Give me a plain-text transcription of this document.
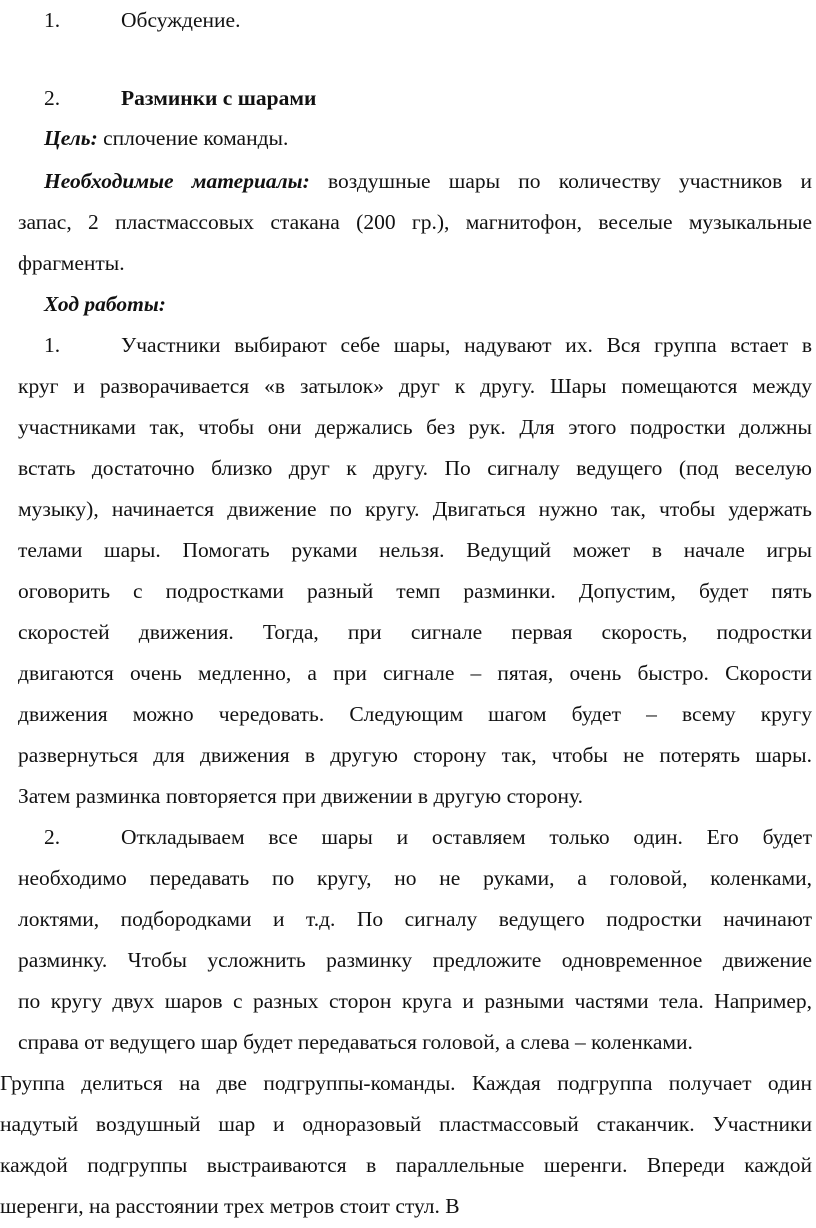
1.	Обсуждение.
2.	Разминки с шарами
Цель: сплочение команды.
Необходимые материалы: воздушные шары по количеству участников и
запас, 2 пластмассовых стакана (200 гр.), магнитофон, веселые музыкальные
фрагменты.
Ход работы:
1.	Участники выбирают себе шары, надувают их. Вся группа встает в
круг и разворачивается «в затылок» друг к другу. Шары помещаются между
участниками так, чтобы они держались без рук. Для этого подростки должны
встать достаточно близко друг к другу. По сигналу ведущего (под веселую
музыку), начинается движение по кругу. Двигаться нужно так, чтобы удержать
телами шары. Помогать руками нельзя. Ведущий может в начале игры
оговорить с подростками разный темп разминки. Допустим, будет пять
скоростей движения. Тогда, при сигнале первая скорость, подростки
двигаются очень медленно, а при сигнале – пятая, очень быстро. Скорости
движения можно чередовать. Следующим шагом будет – всему кругу
развернуться для движения в другую сторону так, чтобы не потерять шары.
Затем разминка повторяется при движении в другую сторону.
2.	Откладываем все шары и оставляем только один. Его будет
необходимо передавать по кругу, но не руками, а головой, коленками,
локтями, подбородками и т.д. По сигналу ведущего подростки начинают
разминку. Чтобы усложнить разминку предложите одновременное движение
по кругу двух шаров с разных сторон круга и разными частями тела. Например,
справа от ведущего шар будет передаваться головой, а слева – коленками.
Группа делиться на две подгруппы-команды. Каждая подгруппа получает один
надутый воздушный шар и одноразовый пластмассовый стаканчик. Участники
каждой подгруппы выстраиваются в параллельные шеренги. Впереди каждой
шеренги, на расстоянии трех метров стоит стул. В
